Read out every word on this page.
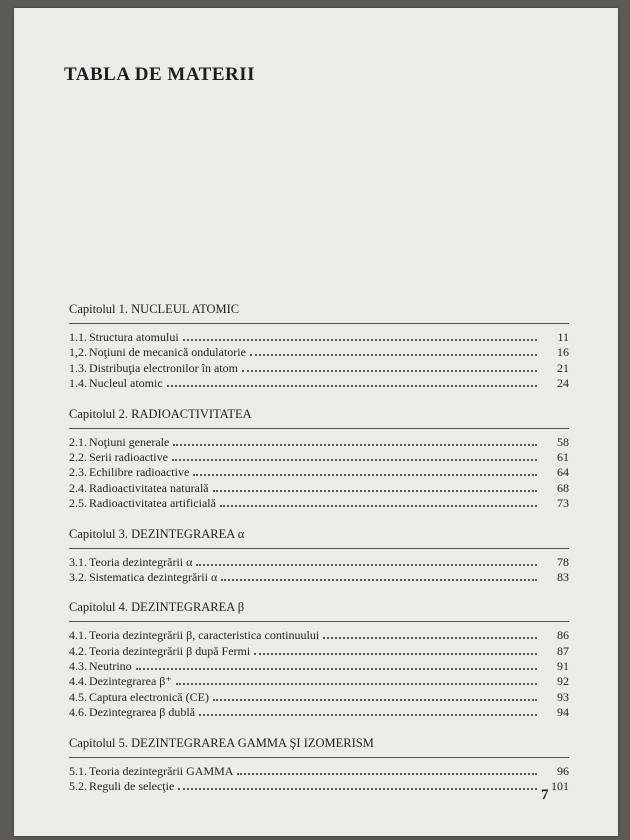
TABLA DE MATERII
Capitolul 1. NUCLEUL ATOMIC
1.1. Structura atomului	11
1,2. Noţiuni de mecanică ondulatorie	16
1.3. Distribuţia electronilor în atom	21
1.4. Nucleul atomic	24
Capitolul 2. RADIOACTIVITATEA
2.1. Noţiuni generale	58
2.2. Serii radioactive	61
2.3. Echilibre radioactive	64
2.4. Radioactivitatea naturală	68
2.5. Radioactivitatea artificială	73
Capitolul 3. DEZINTEGRAREA α
3.1. Teoria dezintegrării α	78
3.2. Sistematica dezintegrării α	83
Capitolul 4. DEZINTEGRAREA β
4.1. Teoria dezintegrării β, caracteristica continuului	86
4.2. Teoria dezintegrării β după Fermi	87
4.3. Neutrino	91
4.4. Dezintegrarea β⁺	92
4.5. Captura electronică (CE)	93
4.6. Dezintegrarea β dublă	94
Capitolul 5. DEZINTEGRAREA GAMMA ŞI IZOMERISM
5.1. Teoria dezintegrării GAMMA	96
5.2. Reguli de selecţie	101
7
